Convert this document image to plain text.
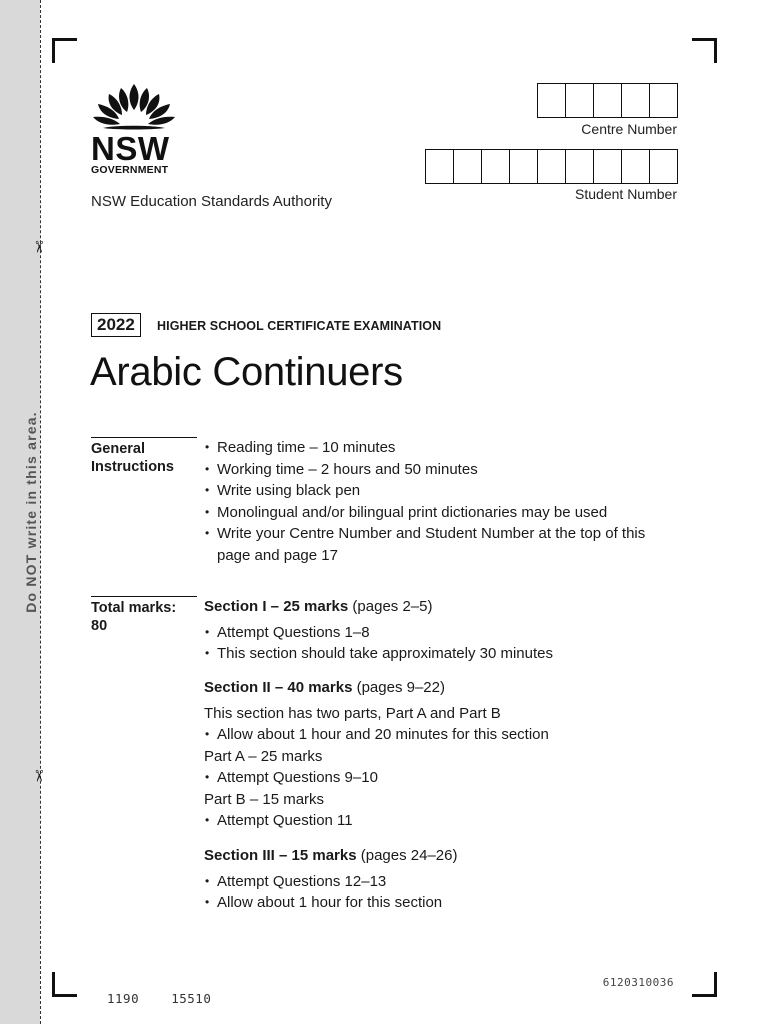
✂
✂
Do NOT write in this area.
NSW
GOVERNMENT
NSW Education Standards Authority
Centre Number
Student Number
2022	HIGHER SCHOOL CERTIFICATE EXAMINATION
Arabic Continuers
General
Instructions
• Reading time – 10 minutes
• Working time – 2 hours and 50 minutes
• Write using black pen
• Monolingual and/or bilingual print dictionaries may be used
• Write your Centre Number and Student Number at the top of this page and page 17
Total marks:
80
Section I – 25 marks (pages 2–5)
• Attempt Questions 1–8
• This section should take approximately 30 minutes
Section II – 40 marks (pages 9–22)
This section has two parts, Part A and Part B
• Allow about 1 hour and 20 minutes for this section
Part A – 25 marks
• Attempt Questions 9–10
Part B – 15 marks
• Attempt Question 11
Section III – 15 marks (pages 24–26)
• Attempt Questions 12–13
• Allow about 1 hour for this section
6120310036
1190	15510
